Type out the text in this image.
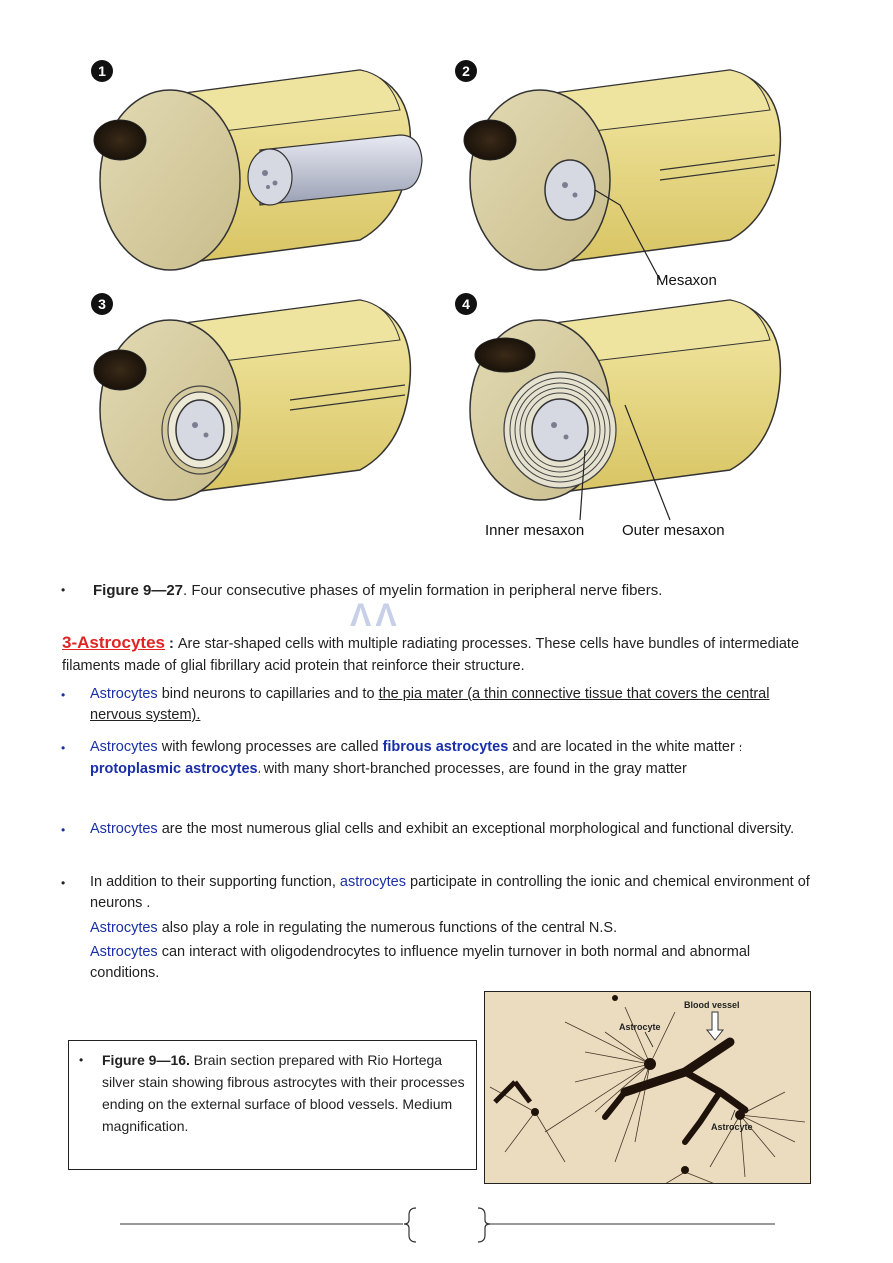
1	2
3	4
Mesaxon
Inner mesaxon	Outer mesaxon
• Figure 9—27. Four consecutive phases of myelin formation in peripheral nerve fibers.
ΛΛ
3-Astrocytes : Are star-shaped cells with multiple radiating processes. These cells have bundles of intermediate filaments made of glial fibrillary acid protein that reinforce their structure.
• Astrocytes bind neurons to capillaries and to the pia mater (a thin connective tissue that covers the central nervous system).
• Astrocytes with fewlong processes are called fibrous astrocytes and are located in the white matter ؛ protoplasmic astrocytes، with many short-branched processes, are found in the gray matter
• Astrocytes are the most numerous glial cells and exhibit an exceptional morphological and functional diversity.
• In addition to their supporting function, astrocytes participate in controlling the ionic and chemical environment of neurons .
Astrocytes also play a role in regulating the numerous functions of the central N.S.
Astrocytes can interact with oligodendrocytes to influence myelin turnover in both normal and abnormal conditions.
• Figure 9—16. Brain section prepared with Rio Hortega silver stain showing fibrous astrocytes with their processes ending on the external surface of blood vessels. Medium magnification.
Blood vessel
Astrocyte
Astrocyte
